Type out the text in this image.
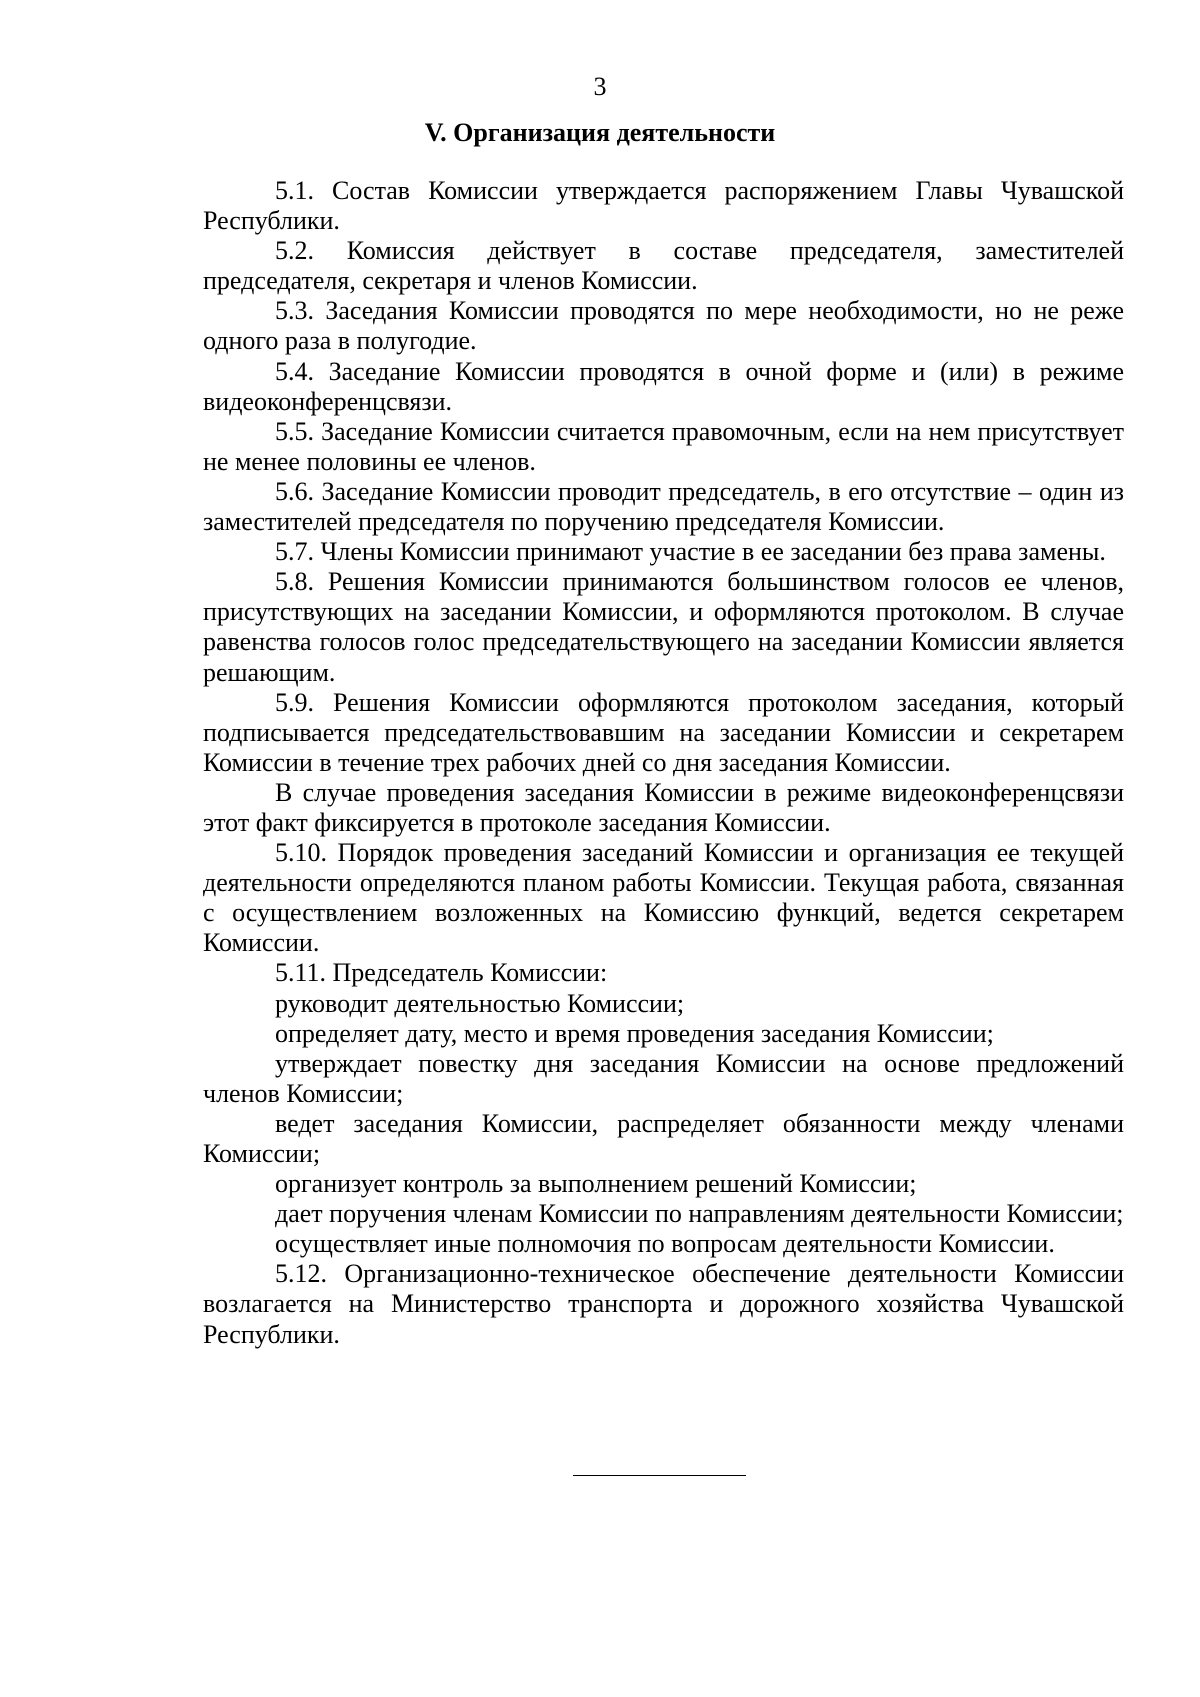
3
V. Организация деятельности

5.1. Состав Комиссии утверждается распоряжением Главы Чувашской Республики.

5.2. Комиссия действует в составе председателя, заместителей председателя, секретаря и членов Комиссии.

5.3. Заседания Комиссии проводятся по мере необходимости, но не реже одного раза в полугодие.

5.4. Заседание Комиссии проводятся в очной форме и (или) в режиме видеоконференцсвязи.

5.5. Заседание Комиссии считается правомочным, если на нем присутствует не менее половины ее членов.

5.6. Заседание Комиссии проводит председатель, в его отсутствие – один из заместителей председателя по поручению председателя Комиссии.

5.7. Члены Комиссии принимают участие в ее заседании без права замены.

5.8. Решения Комиссии принимаются большинством голосов ее членов, присутствующих на заседании Комиссии, и оформляются протоколом. В случае равенства голосов голос председательствующего на заседании Комиссии является решающим.

5.9. Решения Комиссии оформляются протоколом заседания, который подписывается председательствовавшим на заседании Комиссии и секретарем Комиссии в течение трех рабочих дней со дня заседания Комиссии.

В случае проведения заседания Комиссии в режиме видеоконференцсвязи этот факт фиксируется в протоколе заседания Комиссии.

5.10. Порядок проведения заседаний Комиссии и организация ее текущей деятельности определяются планом работы Комиссии. Текущая работа, связанная с осуществлением возложенных на Комиссию функций, ведется секретарем Комиссии.

5.11. Председатель Комиссии:

руководит деятельностью Комиссии;

определяет дату, место и время проведения заседания Комиссии;

утверждает повестку дня заседания Комиссии на основе предложений членов Комиссии;

ведет заседания Комиссии, распределяет обязанности между членами Комиссии;

организует контроль за выполнением решений Комиссии;

дает поручения членам Комиссии по направлениям деятельности Комиссии;

осуществляет иные полномочия по вопросам деятельности Комиссии.

5.12. Организационно-техническое обеспечение деятельности Комиссии возлагается на Министерство транспорта и дорожного хозяйства Чувашской Республики.
